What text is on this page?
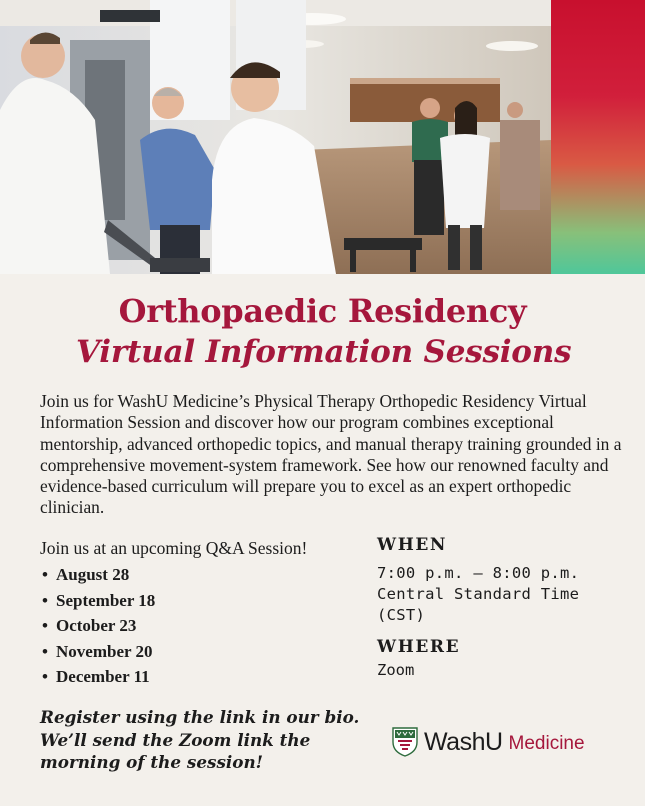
Orthopaedic Residency
Virtual Information Sessions

Join us for WashU Medicine’s Physical Therapy Orthopedic Residency Virtual Information Session and discover how our program combines exceptional mentorship, advanced orthopedic topics, and manual therapy training grounded in a comprehensive movement-system framework. See how our renowned faculty and evidence-based curriculum will prepare you to excel as an expert orthopedic clinician.

Join us at an upcoming Q&A Session!
• August 28
• September 18
• October 23
• November 20
• December 11
WHEN
7:00 p.m. – 8:00 p.m.
Central Standard Time
(CST)
WHERE
Zoom

Register using the link in our bio. We’ll send the Zoom link the morning of the session!

WashU Medicine
